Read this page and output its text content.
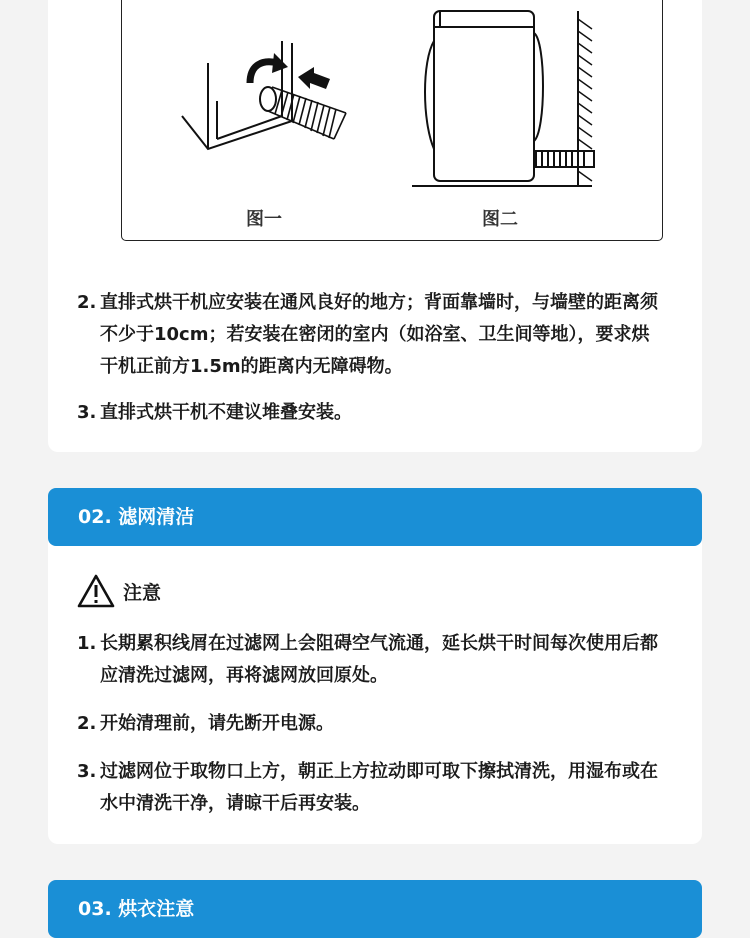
图一	图二
2. 直排式烘干机应安装在通风良好的地方；背面靠墙时，与墙壁的距离须不少于10cm；若安装在密闭的室内（如浴室、卫生间等地），要求烘干机正前方1.5m的距离内无障碍物。
3. 直排式烘干机不建议堆叠安装。
02. 滤网清洁
注意
1. 长期累积线屑在过滤网上会阻碍空气流通，延长烘干时间每次使用后都应清洗过滤网，再将滤网放回原处。
2. 开始清理前，请先断开电源。
3. 过滤网位于取物口上方，朝正上方拉动即可取下擦拭清洗，用湿布或在水中清洗干净，请晾干后再安装。
03. 烘衣注意
